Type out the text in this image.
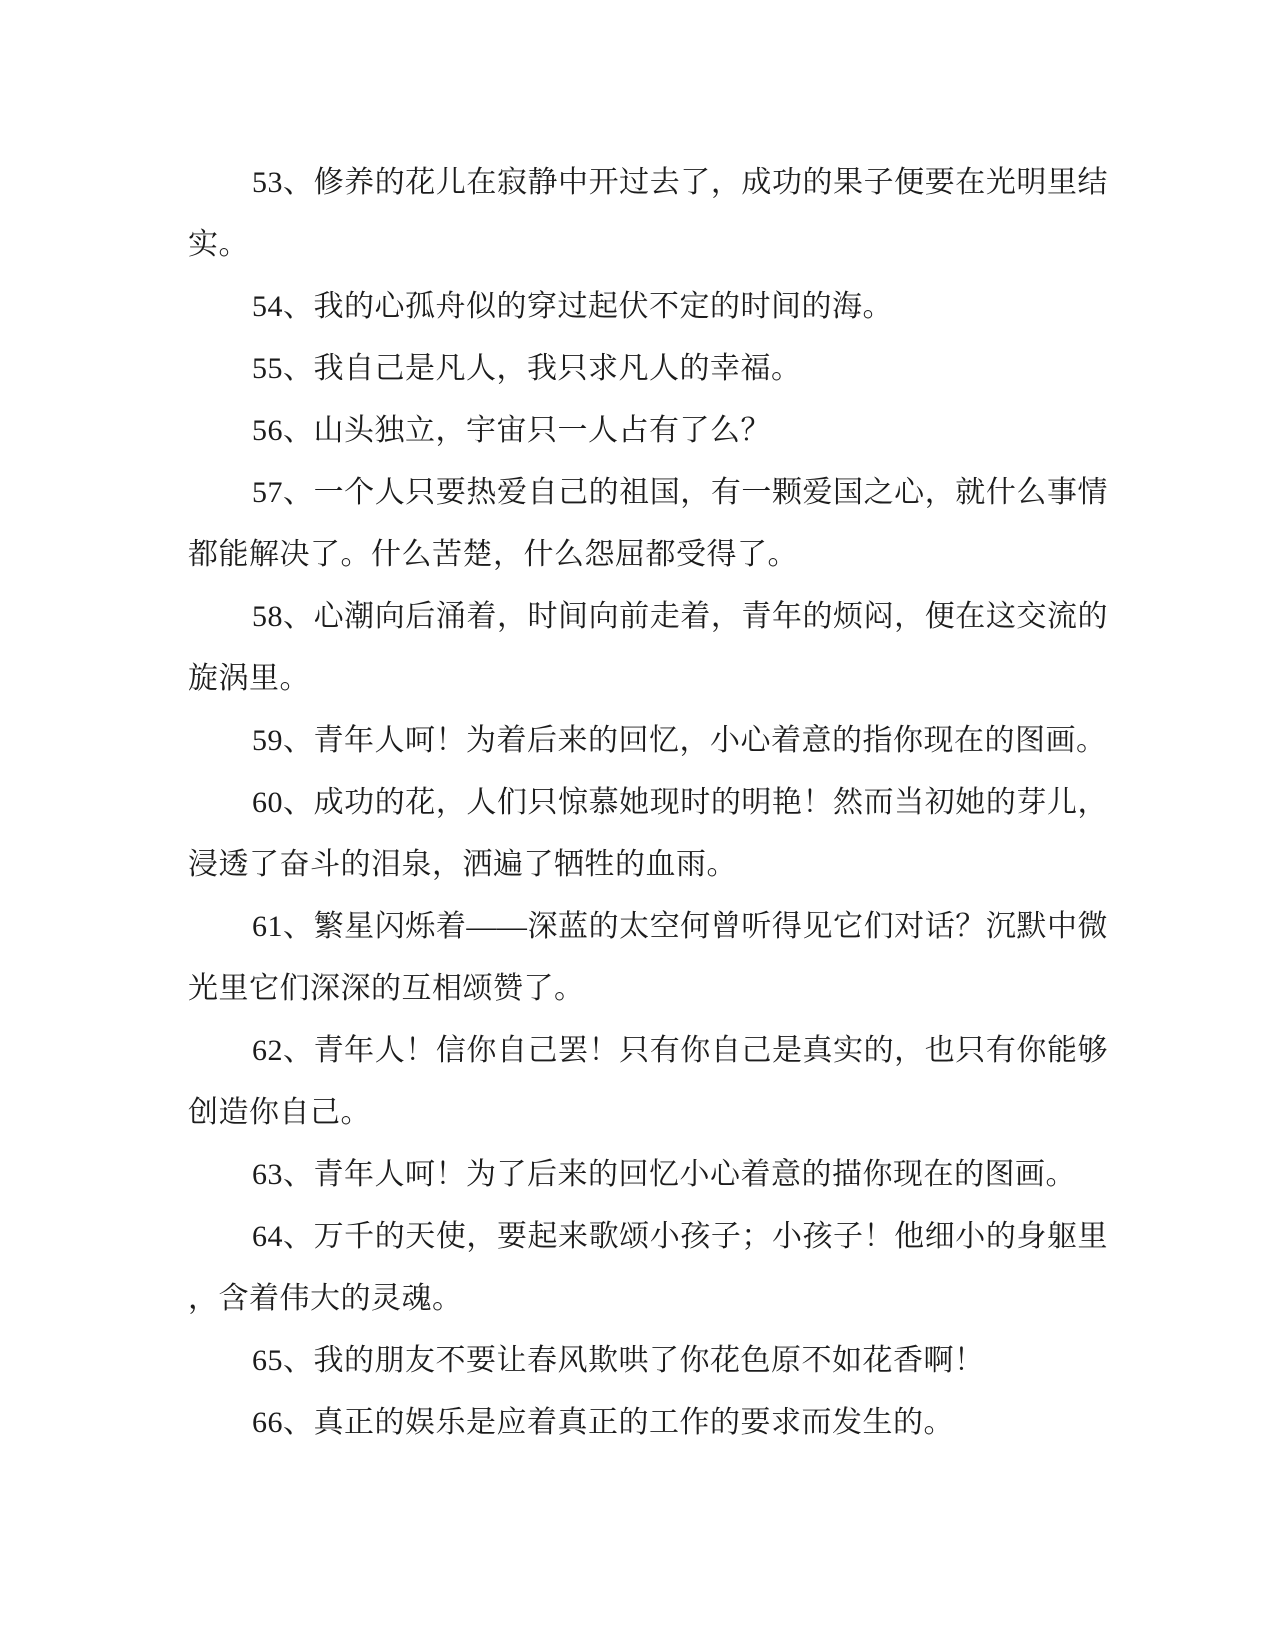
53、修养的花儿在寂静中开过去了，成功的果子便要在光明里结实。

54、我的心孤舟似的穿过起伏不定的时间的海。

55、我自己是凡人，我只求凡人的幸福。

56、山头独立，宇宙只一人占有了么？

57、一个人只要热爱自己的祖国，有一颗爱国之心，就什么事情都能解决了。什么苦楚，什么怨屈都受得了。

58、心潮向后涌着，时间向前走着，青年的烦闷，便在这交流的旋涡里。

59、青年人呵！为着后来的回忆，小心着意的指你现在的图画。

60、成功的花，人们只惊慕她现时的明艳！然而当初她的芽儿，浸透了奋斗的泪泉，洒遍了牺牲的血雨。

61、繁星闪烁着——深蓝的太空何曾听得见它们对话？沉默中微光里它们深深的互相颂赞了。

62、青年人！信你自己罢！只有你自己是真实的，也只有你能够创造你自己。

63、青年人呵！为了后来的回忆小心着意的描你现在的图画。

64、万千的天使，要起来歌颂小孩子；小孩子！他细小的身躯里，含着伟大的灵魂。

65、我的朋友不要让春风欺哄了你花色原不如花香啊！

66、真正的娱乐是应着真正的工作的要求而发生的。
